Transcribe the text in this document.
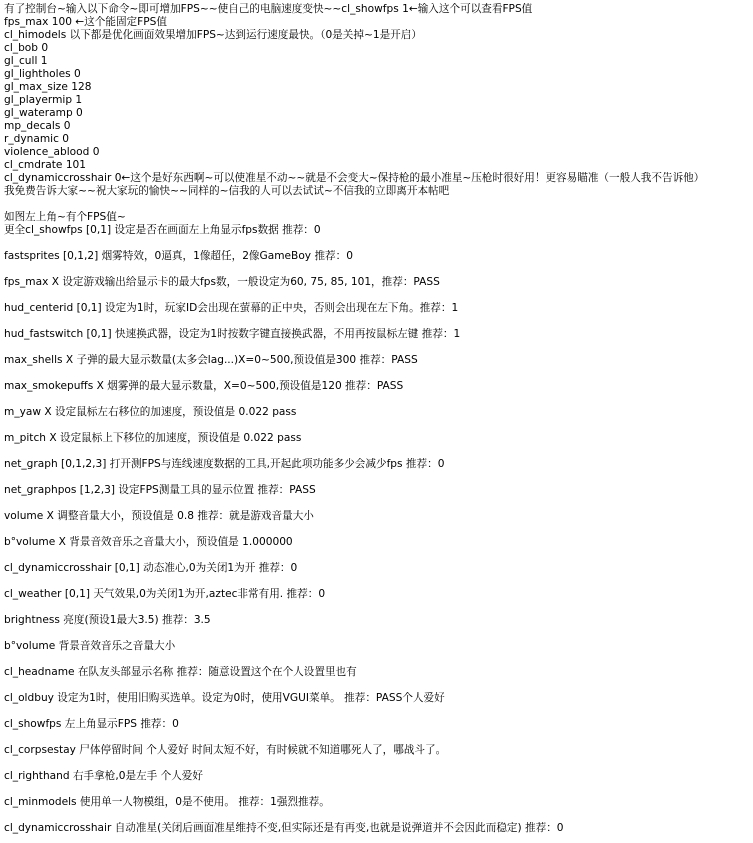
有了控制台~输入以下命令~即可增加FPS~~使自己的电脑速度变快~~cl_showfps 1←输入这个可以查看FPS值
fps_max 100 ←这个能固定FPS值
cl_himodels 以下都是优化画面效果增加FPS~达到运行速度最快。（0是关掉~1是开启）
cl_bob 0
gl_cull 1
gl_lightholes 0
gl_max_size 128
gl_playermip 1
gl_wateramp 0
mp_decals 0
r_dynamic 0
violence_ablood 0
cl_cmdrate 101
cl_dynamiccrosshair 0←这个是好东西啊~可以使准星不动~~就是不会变大~保持枪的最小准星~压枪时很好用！更容易瞄准（一般人我不告诉他）
我免费告诉大家~~祝大家玩的愉快~~同样的~信我的人可以去试试~不信我的立即离开本帖吧
如图左上角~有个FPS值~
更全cl_showfps [0,1] 设定是否在画面左上角显示fps数据 推荐：0
fastsprites [0,1,2] 烟雾特效，0逼真，1像超任，2像GameBoy 推荐：0
fps_max X 设定游戏输出给显示卡的最大fps数，一般设定为60, 75, 85, 101，推荐：PASS
hud_centerid [0,1] 设定为1时，玩家ID会出现在萤幕的正中央，否则会出现在左下角。推荐：1
hud_fastswitch [0,1] 快速换武器，设定为1时按数字键直接换武器，不用再按鼠标左键 推荐：1
max_shells X 子弹的最大显示数量(太多会lag...)X=0~500,预设值是300 推荐：PASS
max_smokepuffs X 烟雾弹的最大显示数量，X=0~500,预设值是120 推荐：PASS
m_yaw X 设定鼠标左右移位的加速度，预设值是 0.022 pass
m_pitch X 设定鼠标上下移位的加速度，预设值是 0.022 pass
net_graph [0,1,2,3] 打开测FPS与连线速度数据的工具,开起此项功能多少会减少fps 推荐：0
net_graphpos [1,2,3] 设定FPS测量工具的显示位置 推荐：PASS
volume X 调整音量大小，预设值是 0.8 推荐：就是游戏音量大小
b°volume X 背景音效音乐之音量大小，预设值是 1.000000
cl_dynamiccrosshair [0,1] 动态准心,0为关闭1为开 推荐：0
cl_weather [0,1] 天气效果,0为关闭1为开,aztec非常有用. 推荐：0
brightness 亮度(预设1最大3.5) 推荐：3.5
b°volume 背景音效音乐之音量大小
cl_headname 在队友头部显示名称 推荐：随意设置这个在个人设置里也有
cl_oldbuy 设定为1时，使用旧购买选单。设定为0时，使用VGUI菜单。 推荐：PASS个人爱好
cl_showfps 左上角显示FPS 推荐：0
cl_corpsestay 尸体停留时间 个人爱好 时间太短不好，有时候就不知道哪死人了，哪战斗了。
cl_righthand 右手拿枪,0是左手 个人爱好
cl_minmodels 使用单一人物模组，0是不使用。 推荐：1强烈推荐。
cl_dynamiccrosshair 自动准星(关闭后画面准星维持不变,但实际还是有再变,也就是说弹道并不会因此而稳定) 推荐：0
